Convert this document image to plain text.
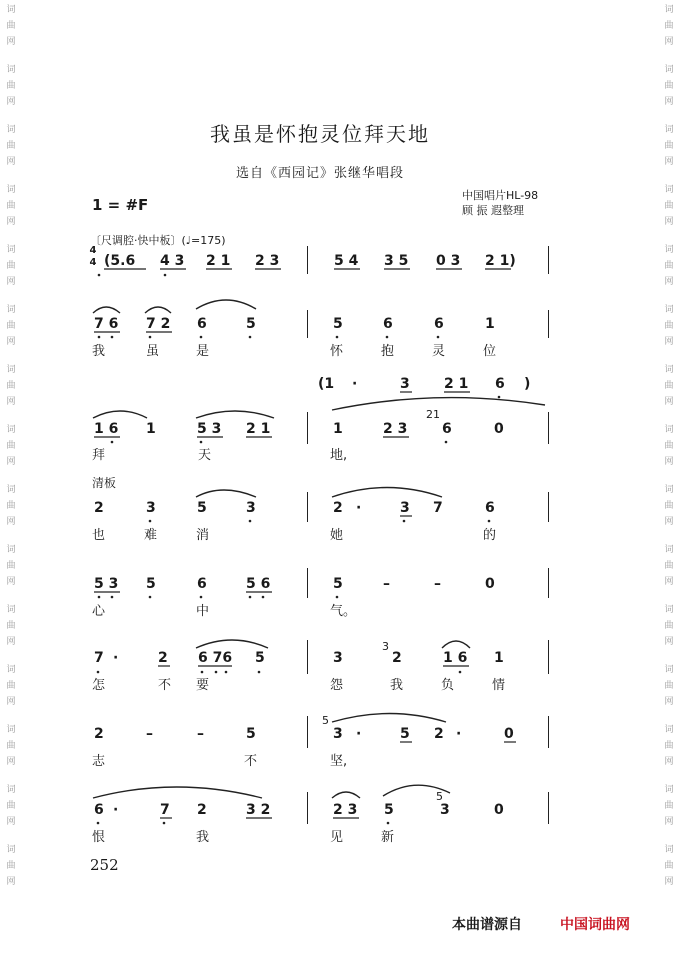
词
曲
网
词
曲
网
词
曲
网
词
曲
网
词
曲
网
词
曲
网
词
曲
网
词
曲
网
词
曲
网
词
曲
网
词
曲
网
词
曲
网
词
曲
网
词
曲
网
词
曲
网
词
曲
网
词
曲
网
词
曲
网
词
曲
网
词
曲
网
词
曲
网
词
曲
网
词
曲
网
词
曲
网
词
曲
网
词
曲
网
词
曲
网
词
曲
网
词
曲
网
词
曲
网
我虽是怀抱灵位拜天地
选自《西园记》张继华唱段
1 = #F
中国唱片HL-98
顾 振 遐整理
〔尺调腔·快中板〕(♩=175)
4
4 (5.6 4 3 2 1 2 3	5 4 3 5 0 3 2 1)
7 6 7 2 6	5	5	6	6	1
我	虽	是	怀	抱	灵	位
(1 ·	3 2 1 6 )
1 6 1	5 3 2 1	1	2 3 6	0
21
拜	天	地,
清板
2	3	5	3	2 ·	3 7	6
也	难	消	她	的
5 3 5	6	5 6	5	–	–	0
心	中	气。
7 ·	2 6 76 5	3	2	1 6 1
3
怎	不 要	怨	我	负	情
2	–	–	5	3 ·	5 2 ·	0
5
志	不	坚,
6 ·	7 2	3 2	2 3 5	3	0
5
恨	我	见	新
252
本曲谱源自	中国词曲网
